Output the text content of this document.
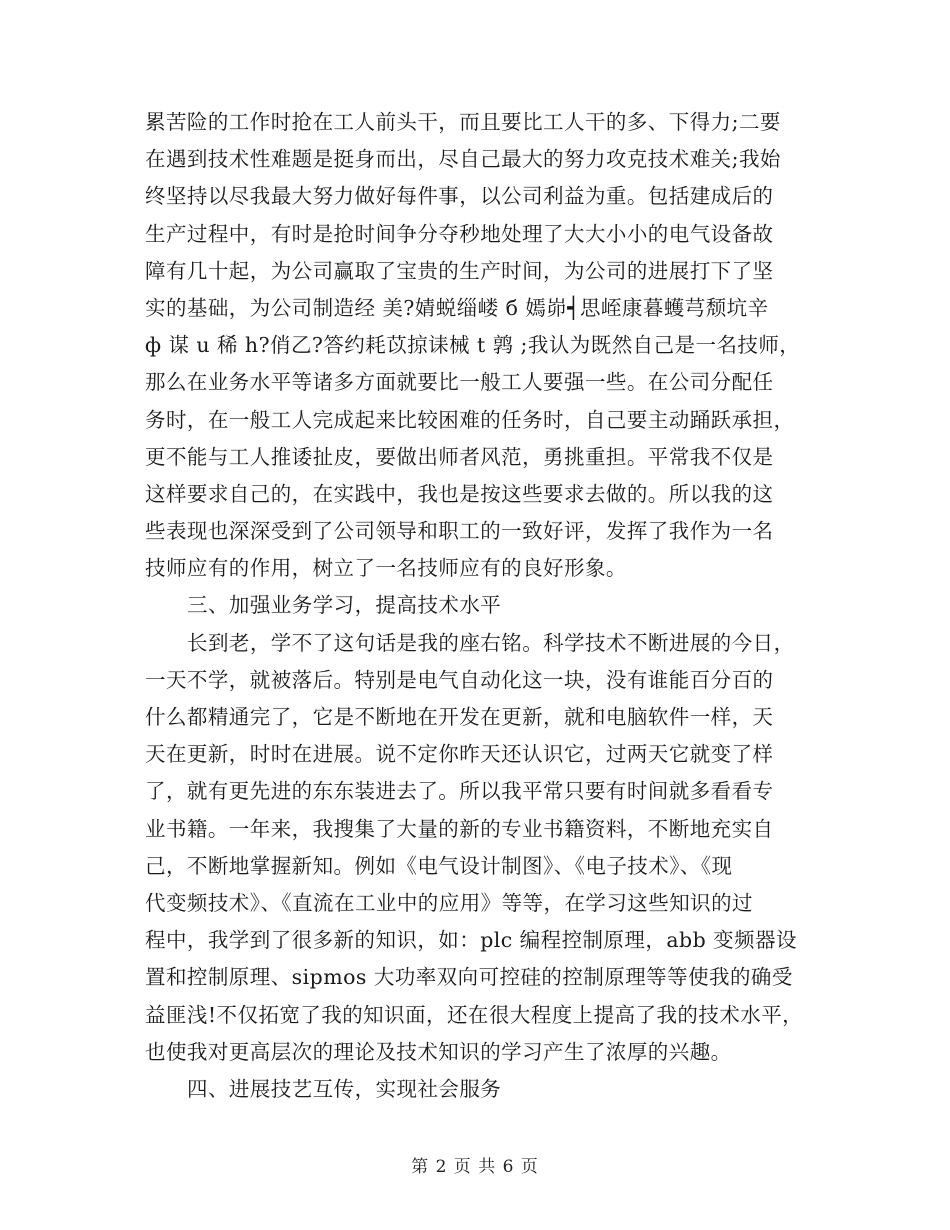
累苦险的工作时抢在工人前头干，而且要比工人干的多、下得力;二要
在遇到技术性难题是挺身而出，尽自己最大的努力攻克技术难关;我始
终坚持以尽我最大努力做好每件事，以公司利益为重。包括建成后的
生产过程中，有时是抢时间争分夺秒地处理了大大小小的电气设备故
障有几十起，为公司赢取了宝贵的生产时间，为公司的进展打下了坚
实的基础，为公司制造经 美?婧蜕缁嵝 б 嫣峁┥思峌康暮蠖芎颓坑辛
ф 谋 u 稀 h?俏乙?答约耗苡掠诔械 t 鹑 ;我认为既然自己是一名技师，
那么在业务水平等诸多方面就要比一般工人要强一些。在公司分配任
务时，在一般工人完成起来比较困难的任务时，自己要主动踊跃承担，
更不能与工人推诿扯皮，要做出师者风范，勇挑重担。平常我不仅是
这样要求自己的，在实践中，我也是按这些要求去做的。所以我的这
些表现也深深受到了公司领导和职工的一致好评，发挥了我作为一名
技师应有的作用，树立了一名技师应有的良好形象。
三、加强业务学习，提高技术水平
长到老，学不了这句话是我的座右铭。科学技术不断进展的今日，
一天不学，就被落后。特别是电气自动化这一块，没有谁能百分百的
什么都精通完了，它是不断地在开发在更新，就和电脑软件一样，天
天在更新，时时在进展。说不定你昨天还认识它，过两天它就变了样
了，就有更先进的东东装进去了。所以我平常只要有时间就多看看专
业书籍。一年来，我搜集了大量的新的专业书籍资料，不断地充实自
己，不断地掌握新知。例如《电气设计制图》、《电子技术》、《现
代变频技术》、《直流在工业中的应用》等等，在学习这些知识的过
程中，我学到了很多新的知识，如：plc 编程控制原理，abb 变频器设
置和控制原理、sipmos 大功率双向可控硅的控制原理等等使我的确受
益匪浅!不仅拓宽了我的知识面，还在很大程度上提高了我的技术水平，
也使我对更高层次的理论及技术知识的学习产生了浓厚的兴趣。
四、进展技艺互传，实现社会服务
第 2 页 共 6 页
